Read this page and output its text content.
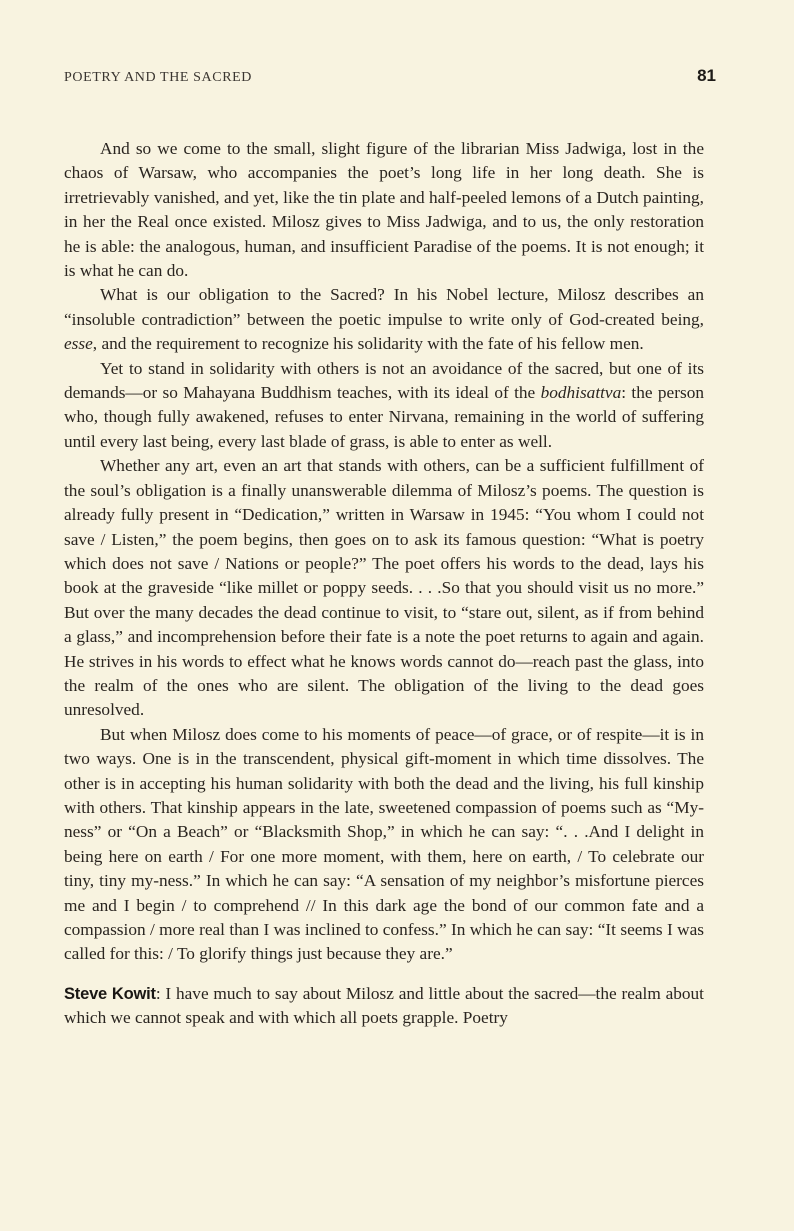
POETRY AND THE SACRED	81

And so we come to the small, slight figure of the librarian Miss Jadwiga, lost in the chaos of Warsaw, who accompanies the poet’s long life in her long death. She is irretrievably vanished, and yet, like the tin plate and half-peeled lemons of a Dutch painting, in her the Real once existed. Milosz gives to Miss Jadwiga, and to us, the only restoration he is able: the analogous, human, and insufficient Paradise of the poems. It is not enough; it is what he can do.

What is our obligation to the Sacred? In his Nobel lecture, Milosz describes an “insoluble contradiction” between the poetic impulse to write only of God-created being, esse, and the requirement to recognize his solidarity with the fate of his fellow men.

Yet to stand in solidarity with others is not an avoidance of the sacred, but one of its demands—or so Mahayana Buddhism teaches, with its ideal of the bodhisattva: the person who, though fully awakened, refuses to enter Nirvana, remaining in the world of suffering until every last being, every last blade of grass, is able to enter as well.

Whether any art, even an art that stands with others, can be a sufficient fulfillment of the soul’s obligation is a finally unanswerable dilemma of Milosz’s poems. The question is already fully present in “Dedication,” written in Warsaw in 1945: “You whom I could not save / Listen,” the poem begins, then goes on to ask its famous question: “What is poetry which does not save / Nations or people?” The poet offers his words to the dead, lays his book at the graveside “like millet or poppy seeds. . . .So that you should visit us no more.” But over the many decades the dead continue to visit, to “stare out, silent, as if from behind a glass,” and incomprehension before their fate is a note the poet returns to again and again. He strives in his words to effect what he knows words cannot do—reach past the glass, into the realm of the ones who are silent. The obligation of the living to the dead goes unresolved.

But when Milosz does come to his moments of peace—of grace, or of respite—it is in two ways. One is in the transcendent, physical gift-moment in which time dissolves. The other is in accepting his human solidarity with both the dead and the living, his full kinship with others. That kinship appears in the late, sweetened compassion of poems such as “My-ness” or “On a Beach” or “Blacksmith Shop,” in which he can say: “. . .And I delight in being here on earth / For one more moment, with them, here on earth, / To celebrate our tiny, tiny my-ness.” In which he can say: “A sensation of my neighbor’s misfortune pierces me and I begin / to comprehend // In this dark age the bond of our common fate and a compassion / more real than I was inclined to confess.” In which he can say: “It seems I was called for this: / To glorify things just because they are.”

Steve Kowit: I have much to say about Milosz and little about the sacred—the realm about which we cannot speak and with which all poets grapple. Poetry
